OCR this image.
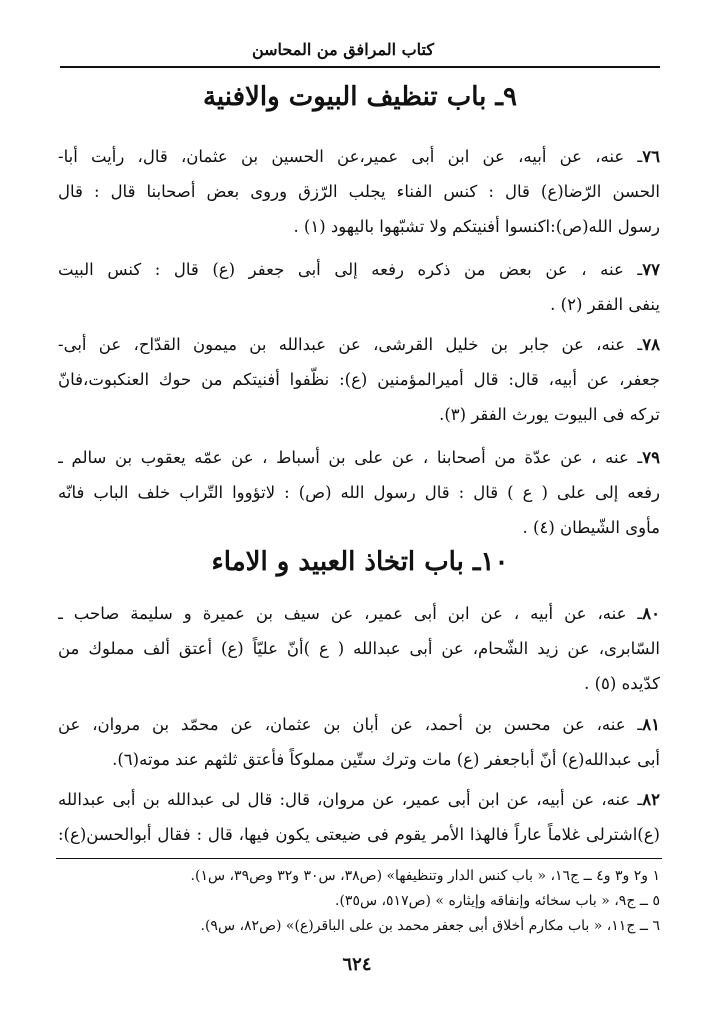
كتاب المرافق من المحاسن
٩ـ باب تنظيف البيوت والافنية
٧٦ـ عنه، عن أبيه، عن ابن أبى عمير،عن الحسين بن عثمان، قال، رأيت أبا-
الحسن الرّضا(ع) قال : كنس الفناء يجلب الرّزق وروى بعض أصحابنا قال : قال
رسول الله(ص):اكنسوا أفنيتكم ولا تشبّهوا باليهود (١) .
٧٧ـ عنه ، عن بعض من ذكره رفعه إلى أبى جعفر (ع) قال : كنس البيت
ينفى الفقر (٢) .
٧٨ـ عنه، عن جابر بن خليل القرشى، عن عبدالله بن ميمون القدّاح، عن أبى-
جعفر، عن أبيه، قال: قال أميرالمؤمنين (ع): نظّفوا أفنيتكم من حوك العنكبوت،فانّ
تركه فى البيوت يورث الفقر (٣).
٧٩ـ عنه ، عن عدّة من أصحابنا ، عن على بن أسباط ، عن عمّه يعقوب بن سالم ـ
رفعه إلى على ( ع ) قال : قال رسول الله (ص) : لاتؤووا التّراب خلف الباب فانّه
مأوى الشّيطان (٤) .
١٠ـ باب اتخاذ العبيد و الاماء
٨٠ـ عنه، عن أبيه ، عن ابن أبى عمير، عن سيف بن عميرة و سليمة صاحب ـ
السّابرى، عن زيد الشّحام، عن أبى عبدالله ( ع )أنّ عليّاً (ع) أعتق ألف مملوك من
كدّيده (٥) .
٨١ـ عنه، عن محسن بن أحمد، عن أبان بن عثمان، عن محمّد بن مروان، عن
أبى عبدالله(ع) أنّ أباجعفر (ع) مات وترك ستّين مملوكاً فأعتق ثلثهم عند موته(٦).
٨٢ـ عنه، عن أبيه، عن ابن أبى عمير، عن مروان، قال: قال لى عبدالله بن أبى عبدالله
(ع)اشترلى غلاماً عاراً فالهذا الأمر يقوم فى ضيعتى يكون فيها، قال : فقال أبوالحسن(ع):
١ و٢ و٣ و٤ ــ ج١٦، « باب كنس الدار وتنظيفها» (ص٣٨، س٣٠ و٣٢ وص٣٩، س١).
٥ ــ ج٩، « باب سخائه وإنفاقه وإيثاره » (ص٥١٧، س٣٥).
٦ ــ ج١١، « باب مكارم أخلاق أبى جعفر محمد بن على الباقر(ع)» (ص٨٢، س٩).
٦٢٤
